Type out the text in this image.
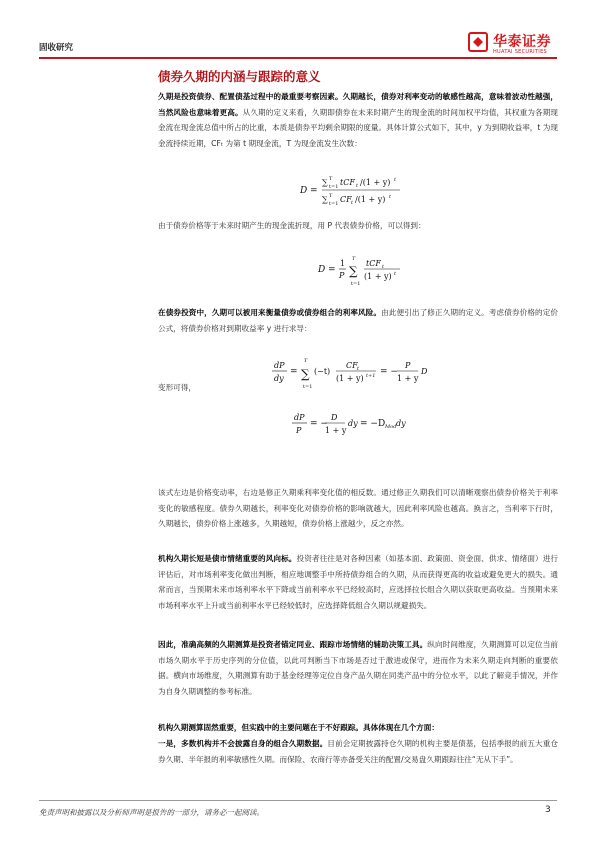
固收研究	华泰证券
HUATAI SECURITIES
债券久期的内涵与跟踪的意义
久期是投资债券、配置债基过程中的最重要考察因素。久期越长，债券对利率变动的敏感性越高，意味着波动性越强，当然风险也意味着更高。从久期的定义来看，久期即债券在未来时期产生的现金流的时间加权平均值，其权重为各期现金流在现金流总值中所占的比重，本质是债券平均剩余期限的度量。具体计算公式如下，其中，y 为到期收益率，t 为现金流持续近期，CFₜ 为第 t 期现金流，T 为现金流发生次数：
D =
∑ t=1
T tCF t /(1 + y) t
∑ t=1
T CF t /(1 + y) t
由于债券价格等于未来时期产生的现金流折现，用 P 代表债券价格，可以得到：
D =
1
P ∑
T
t=1
tCF t
(1 + y) t
在债券投资中，久期可以被用来衡量债券或债券组合的利率风险。由此便引出了修正久期的定义。考虑债券价格的定价公式，将债券价格对到期收益率 y 进行求导：
dP
dy
= ∑
T
t=1
(−t)
CF t
(1 + y) t+1 = −
P
1 + y
D
变形可得，
dP
P
= −
D
1 + y
dy = −D Mod dy
该式左边是价格变动率，右边是修正久期乘利率变化值的相反数。通过修正久期我们可以清晰观察出债券价格关于利率变化的敏感程度。债券久期越长，利率变化对债券价格的影响就越大，因此利率风险也越高。换言之，当利率下行时，久期越长，债券价格上涨越多，久期越短，债券价格上涨越少，反之亦然。
机构久期长短是债市情绪重要的风向标。投资者往往是对各种因素（如基本面、政策面、资金面、供求、情绪面）进行评估后，对市场利率变化做出判断，相应地调整手中所持债券组合的久期，从而获得更高的收益或避免更大的损失。通常而言，当预期未来市场利率水平下降或当前利率水平已经较高时，应选择拉长组合久期以获取更高收益。当预期未来市场利率水平上升或当前利率水平已经较低时，应选择降低组合久期以规避损失。
因此，准确高频的久期测算是投资者锚定同业、跟踪市场情绪的辅助决策工具。纵向时间维度，久期测算可以定位当前市场久期水平于历史序列的分位值，以此可判断当下市场是否过于激进或保守，进而作为未来久期走向判断的重要依据。横向市场维度，久期测算有助于基金经理等定位自身产品久期在同类产品中的分位水平，以此了解竞手情况，并作为自身久期调整的参考标准。
机构久期测算固然重要，但实践中的主要问题在于不好跟踪。具体体现在几个方面：
一是，多数机构并不会披露自身的组合久期数据。目前会定期披露持仓久期的机构主要是债基，包括季报的前五大重仓券久期、半年报的利率敏感性久期。而保险、农商行等亦备受关注的配置/交易盘久期跟踪往往“无从下手”。
免责声明和披露以及分析师声明是报告的一部分，请务必一起阅读。	3
